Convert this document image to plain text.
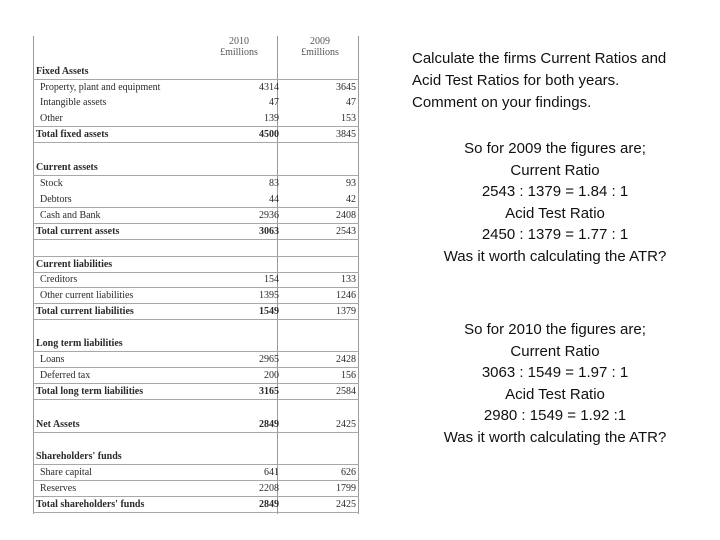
2010
£millions
2009
£millions
Fixed Assets
Property, plant and equipment	4314	3645
Intangible assets	47	47
Other	139	153
Total fixed assets	4500	3845
Current assets
Stock	83	93
Debtors	44	42
Cash and Bank	2936	2408
Total current assets	3063	2543
Current liabilities
Creditors	154	133
Other current liabilities	1395	1246
Total current liabilities	1549	1379
Long term liabilities
Loans	2965	2428
Deferred tax	200	156
Total long term liabilities	3165	2584
Net Assets	2849	2425
Shareholders' funds
Share capital	641	626
Reserves	2208	1799
Total shareholders' funds	2849	2425
Calculate the firms Current Ratios and
Acid Test Ratios for both years.
Comment on your findings.
So for 2009 the figures are;
Current Ratio
2543 : 1379 = 1.84 : 1
Acid Test Ratio
2450 : 1379 = 1.77 : 1
Was it worth calculating the ATR?
So for 2010 the figures are;
Current Ratio
3063 : 1549 = 1.97 : 1
Acid Test Ratio
2980 : 1549 = 1.92 :1
Was it worth calculating the ATR?
